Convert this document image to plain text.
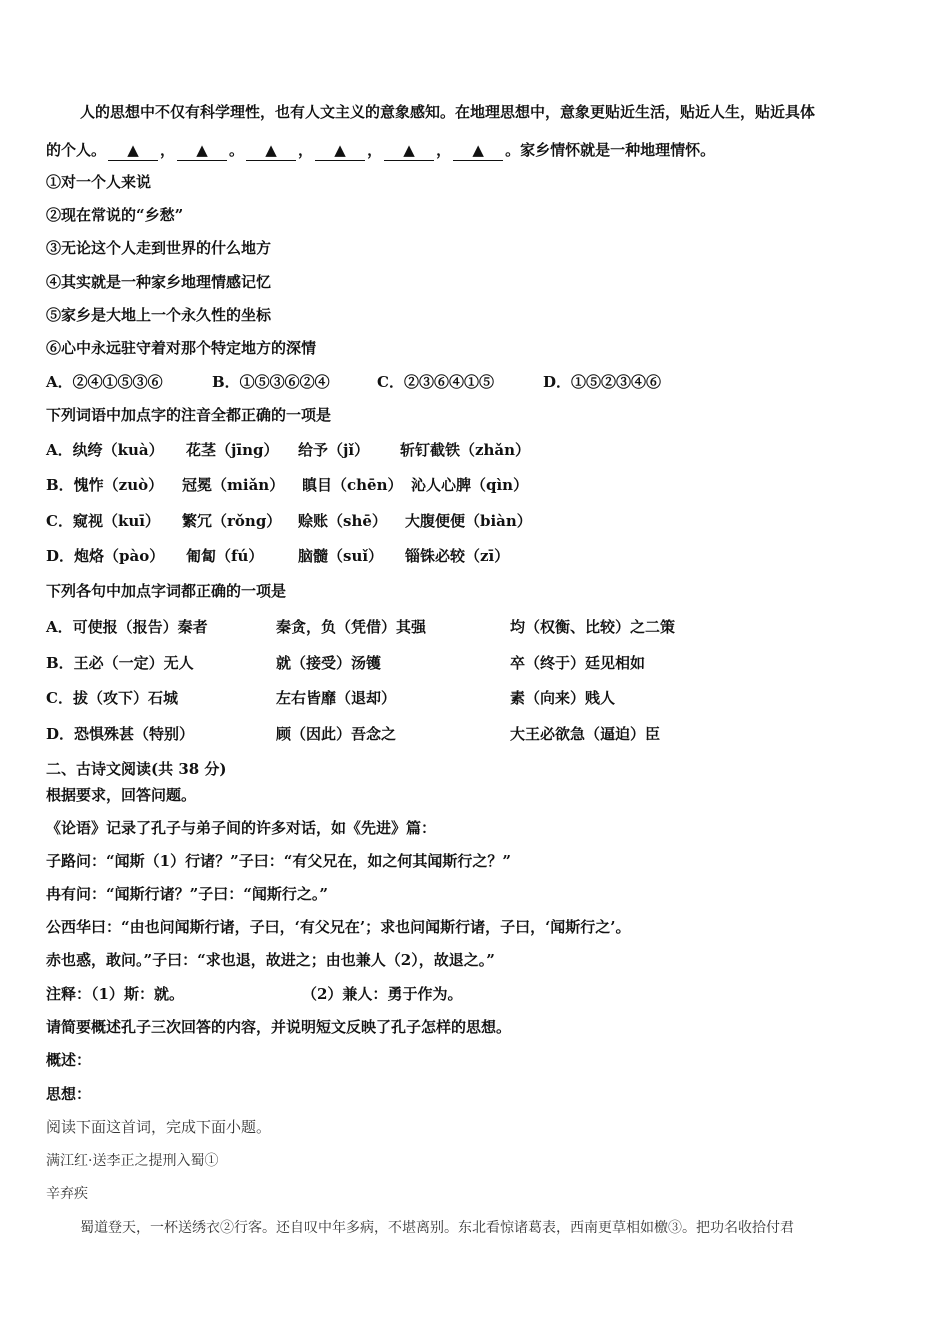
人的思想中不仅有科学理性，也有人文主义的意象感知。在地理思想中，意象更贴近生活，贴近人生，贴近具体
的个人。 ▲ ， ▲ 。 ▲ ， ▲ ， ▲ ， ▲ 。家乡情怀就是一种地理情怀。
①对一个人来说
②现在常说的“乡愁”
③无论这个人走到世界的什么地方
④其实就是一种家乡地理情感记忆
⑤家乡是大地上一个永久性的坐标
⑥心中永远驻守着对那个特定地方的深情
A．②④①⑤③⑥	B．①⑤③⑥②④	C．②③⑥④①⑤	D．①⑤②③④⑥
下列词语中加点字的注音全都正确的一项是
A．纨绔（kuà） 花茎（jīng） 给予（jǐ） 斩钉截铁（zhǎn）
B．愧怍（zuò） 冠冕（miǎn） 瞋目（chēn） 沁人心脾（qìn）
C．窥视（kuī） 繁冗（rǒng） 赊账（shē） 大腹便便（biàn）
D．炮烙（pào） 匍匐（fú） 脑髓（suǐ） 锱铢必较（zī）
下列各句中加点字词都正确的一项是
A．可使报（报告）秦者	秦贪，负（凭借）其强	均（权衡、比较）之二策
B．王必（一定）无人	就（接受）汤镬	卒（终于）廷见相如
C．拔（攻下）石城	左右皆靡（退却）	素（向来）贱人
D．恐惧殊甚（特别）	顾（因此）吾念之	大王必欲急（逼迫）臣
二、古诗文阅读(共 38 分)
根据要求，回答问题。
《论语》记录了孔子与弟子间的许多对话，如《先进》篇：
子路问：“闻斯（1）行诸？”子曰：“有父兄在，如之何其闻斯行之？”
冉有问：“闻斯行诸？”子曰：“闻斯行之。”
公西华曰：“由也问闻斯行诸，子曰，‘有父兄在’；求也问闻斯行诸，子曰，‘闻斯行之’。
赤也惑，敢问。”子曰：“求也退，故进之；由也兼人（2），故退之。”
注释：（1）斯：就。	（2）兼人：勇于作为。
请简要概述孔子三次回答的内容，并说明短文反映了孔子怎样的思想。
概述：
思想：
阅读下面这首词，完成下面小题。
满江红·送李正之提刑入蜀①
辛弃疾
蜀道登天，一杯送绣衣②行客。还自叹中年多病，不堪离别。东北看惊诸葛表，西南更草相如檄③。把功名收拾付君
